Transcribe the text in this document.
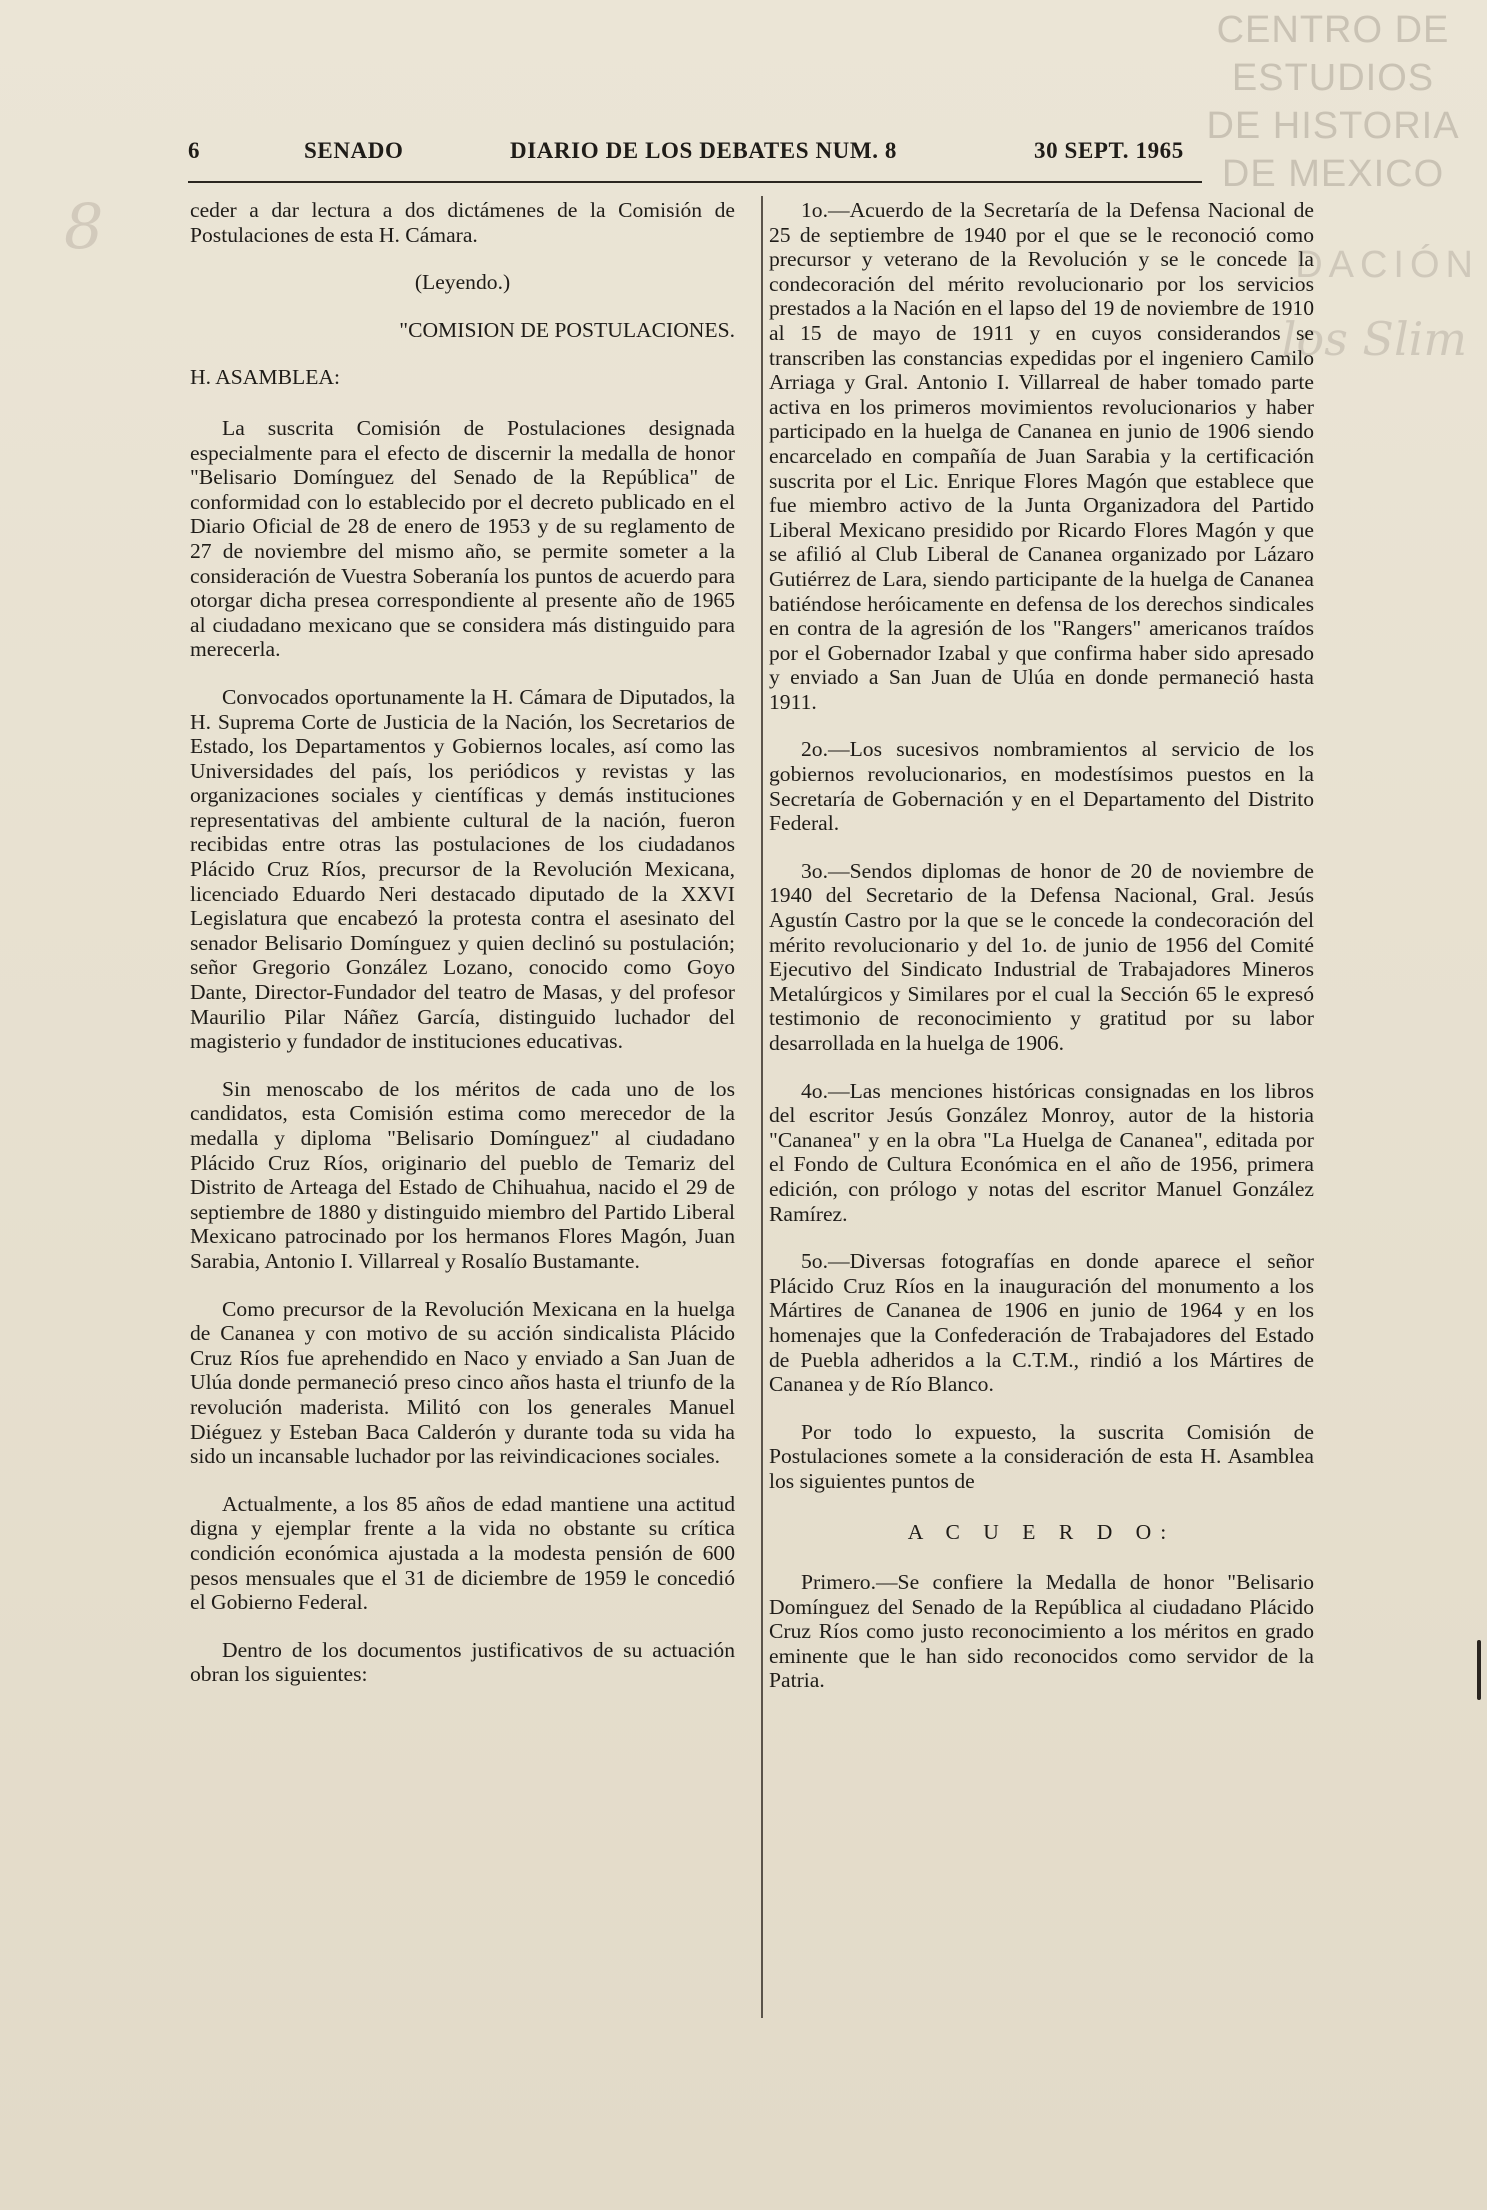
8
CENTRO DE
ESTUDIOS
DE HISTORIA
DE MEXICO
DACIÓN
los Slim
6	SENADO	DIARIO DE LOS DEBATES NUM. 8	30 SEPT. 1965

ceder a dar lectura a dos dictámenes de la Comisión de Postulaciones de esta H. Cámara.

(Leyendo.)

"COMISION DE POSTULACIONES.

H. ASAMBLEA:

La suscrita Comisión de Postulaciones designada especialmente para el efecto de discernir la medalla de honor "Belisario Domínguez del Senado de la República" de conformidad con lo establecido por el decreto publicado en el Diario Oficial de 28 de enero de 1953 y de su reglamento de 27 de noviembre del mismo año, se permite someter a la consideración de Vuestra Soberanía los puntos de acuerdo para otorgar dicha presea correspondiente al presente año de 1965 al ciudadano mexicano que se considera más distinguido para merecerla.

Convocados oportunamente la H. Cámara de Diputados, la H. Suprema Corte de Justicia de la Nación, los Secretarios de Estado, los Departamentos y Gobiernos locales, así como las Universidades del país, los periódicos y revistas y las organizaciones sociales y científicas y demás instituciones representativas del ambiente cultural de la nación, fueron recibidas entre otras las postulaciones de los ciudadanos Plácido Cruz Ríos, precursor de la Revolución Mexicana, licenciado Eduardo Neri destacado diputado de la XXVI Legislatura que encabezó la protesta contra el asesinato del senador Belisario Domínguez y quien declinó su postulación; señor Gregorio González Lozano, conocido como Goyo Dante, Director-Fundador del teatro de Masas, y del profesor Maurilio Pilar Náñez García, distinguido luchador del magisterio y fundador de instituciones educativas.

Sin menoscabo de los méritos de cada uno de los candidatos, esta Comisión estima como merecedor de la medalla y diploma "Belisario Domínguez" al ciudadano Plácido Cruz Ríos, originario del pueblo de Temariz del Distrito de Arteaga del Estado de Chihuahua, nacido el 29 de septiembre de 1880 y distinguido miembro del Partido Liberal Mexicano patrocinado por los hermanos Flores Magón, Juan Sarabia, Antonio I. Villarreal y Rosalío Bustamante.

Como precursor de la Revolución Mexicana en la huelga de Cananea y con motivo de su acción sindicalista Plácido Cruz Ríos fue aprehendido en Naco y enviado a San Juan de Ulúa donde permaneció preso cinco años hasta el triunfo de la revolución maderista. Militó con los generales Manuel Diéguez y Esteban Baca Calderón y durante toda su vida ha sido un incansable luchador por las reivindicaciones sociales.

Actualmente, a los 85 años de edad mantiene una actitud digna y ejemplar frente a la vida no obstante su crítica condición económica ajustada a la modesta pensión de 600 pesos mensuales que el 31 de diciembre de 1959 le concedió el Gobierno Federal.

Dentro de los documentos justificativos de su actuación obran los siguientes:

1o.—Acuerdo de la Secretaría de la Defensa Nacional de 25 de septiembre de 1940 por el que se le reconoció como precursor y veterano de la Revolución y se le concede la condecoración del mérito revolucionario por los servicios prestados a la Nación en el lapso del 19 de noviembre de 1910 al 15 de mayo de 1911 y en cuyos considerandos se transcriben las constancias expedidas por el ingeniero Camilo Arriaga y Gral. Antonio I. Villarreal de haber tomado parte activa en los primeros movimientos revolucionarios y haber participado en la huelga de Cananea en junio de 1906 siendo encarcelado en compañía de Juan Sarabia y la certificación suscrita por el Lic. Enrique Flores Magón que establece que fue miembro activo de la Junta Organizadora del Partido Liberal Mexicano presidido por Ricardo Flores Magón y que se afilió al Club Liberal de Cananea organizado por Lázaro Gutiérrez de Lara, siendo participante de la huelga de Cananea batiéndose heróicamente en defensa de los derechos sindicales en contra de la agresión de los "Rangers" americanos traídos por el Gobernador Izabal y que confirma haber sido apresado y enviado a San Juan de Ulúa en donde permaneció hasta 1911.

2o.—Los sucesivos nombramientos al servicio de los gobiernos revolucionarios, en modestísimos puestos en la Secretaría de Gobernación y en el Departamento del Distrito Federal.

3o.—Sendos diplomas de honor de 20 de noviembre de 1940 del Secretario de la Defensa Nacional, Gral. Jesús Agustín Castro por la que se le concede la condecoración del mérito revolucionario y del 1o. de junio de 1956 del Comité Ejecutivo del Sindicato Industrial de Trabajadores Mineros Metalúrgicos y Similares por el cual la Sección 65 le expresó testimonio de reconocimiento y gratitud por su labor desarrollada en la huelga de 1906.

4o.—Las menciones históricas consignadas en los libros del escritor Jesús González Monroy, autor de la historia "Cananea" y en la obra "La Huelga de Cananea", editada por el Fondo de Cultura Económica en el año de 1956, primera edición, con prólogo y notas del escritor Manuel González Ramírez.

5o.—Diversas fotografías en donde aparece el señor Plácido Cruz Ríos en la inauguración del monumento a los Mártires de Cananea de 1906 en junio de 1964 y en los homenajes que la Confederación de Trabajadores del Estado de Puebla adheridos a la C.T.M., rindió a los Mártires de Cananea y de Río Blanco.

Por todo lo expuesto, la suscrita Comisión de Postulaciones somete a la consideración de esta H. Asamblea los siguientes puntos de

A C U E R D O:

Primero.—Se confiere la Medalla de honor "Belisario Domínguez del Senado de la República al ciudadano Plácido Cruz Ríos como justo reconocimiento a los méritos en grado eminente que le han sido reconocidos como servidor de la Patria.
